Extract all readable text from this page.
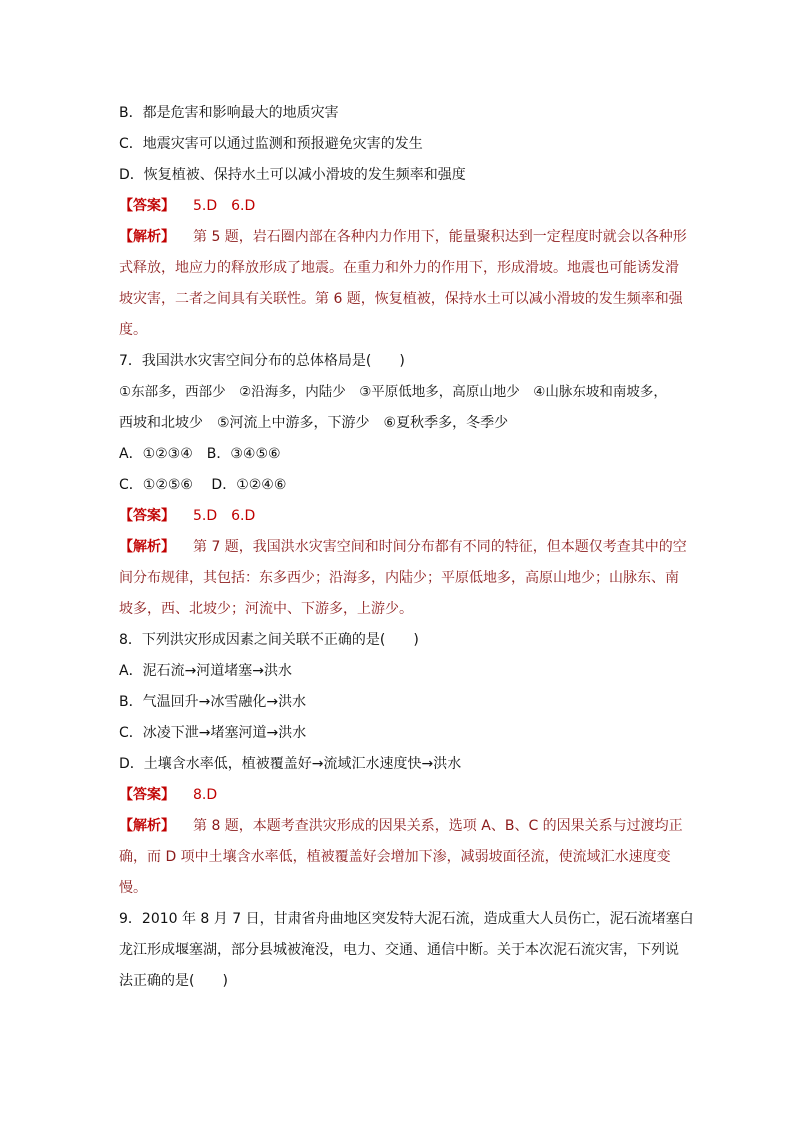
B．都是危害和影响最大的地质灾害
C．地震灾害可以通过监测和预报避免灾害的发生
D．恢复植被、保持水土可以减小滑坡的发生频率和强度
【答案】 5.D　6.D
【解析】 第 5 题，岩石圈内部在各种内力作用下，能量聚积达到一定程度时就会以各种形
式释放，地应力的释放形成了地震。在重力和外力的作用下，形成滑坡。地震也可能诱发滑
坡灾害，二者之间具有关联性。第 6 题，恢复植被，保持水土可以减小滑坡的发生频率和强
度。
7．我国洪水灾害空间分布的总体格局是(　　)
①东部多，西部少　②沿海多，内陆少　③平原低地多，高原山地少　④山脉东坡和南坡多，
西坡和北坡少　⑤河流上中游多，下游少　⑥夏秋季多，冬季少
A．①②③④　B．③④⑤⑥
C．①②⑤⑥　 D．①②④⑥
【答案】 5.D　6.D
【解析】 第 7 题，我国洪水灾害空间和时间分布都有不同的特征，但本题仅考查其中的空
间分布规律，其包括：东多西少；沿海多，内陆少；平原低地多，高原山地少；山脉东、南
坡多，西、北坡少；河流中、下游多，上游少。
8．下列洪灾形成因素之间关联不正确的是(　　)
A．泥石流→河道堵塞→洪水
B．气温回升→冰雪融化→洪水
C．冰凌下泄→堵塞河道→洪水
D．土壤含水率低，植被覆盖好→流域汇水速度快→洪水
【答案】 8.D
【解析】 第 8 题，本题考查洪灾形成的因果关系，选项 A、B、C 的因果关系与过渡均正
确，而 D 项中土壤含水率低，植被覆盖好会增加下渗，减弱坡面径流，使流域汇水速度变
慢。
9．2010 年 8 月 7 日，甘肃省舟曲地区突发特大泥石流，造成重大人员伤亡，泥石流堵塞白
龙江形成堰塞湖，部分县城被淹没，电力、交通、通信中断。关于本次泥石流灾害，下列说
法正确的是(　　)
